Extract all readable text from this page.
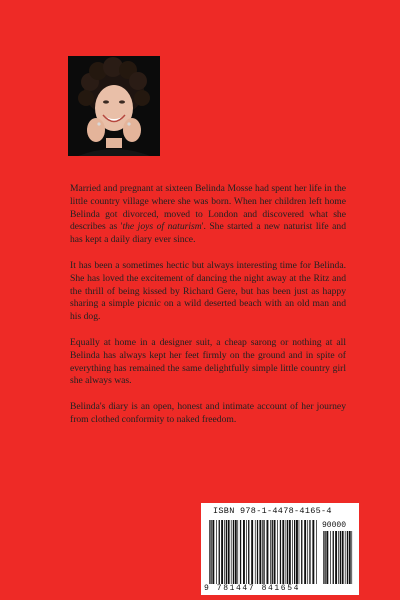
Married and pregnant at sixteen Belinda Mosse had spent her life in the little country village where she was born. When her children left home Belinda got divorced, moved to London and discovered what she describes as 'the joys of naturism'. She started a new naturist life and has kept a daily diary ever since.

It has been a sometimes hectic but always interesting time for Belinda. She has loved the excitement of dancing the night away at the Ritz and the thrill of being kissed by Richard Gere, but has been just as happy sharing a simple picnic on a wild deserted beach with an old man and his dog.

Equally at home in a designer suit, a cheap sarong or nothing at all Belinda has always kept her feet firmly on the ground and in spite of everything has remained the same delightfully simple little country girl she always was.

Belinda's diary is an open, honest and intimate account of her journey from clothed conformity to naked freedom.

ISBN 978-1-4478-4165-4
90000
9 781447 841654
